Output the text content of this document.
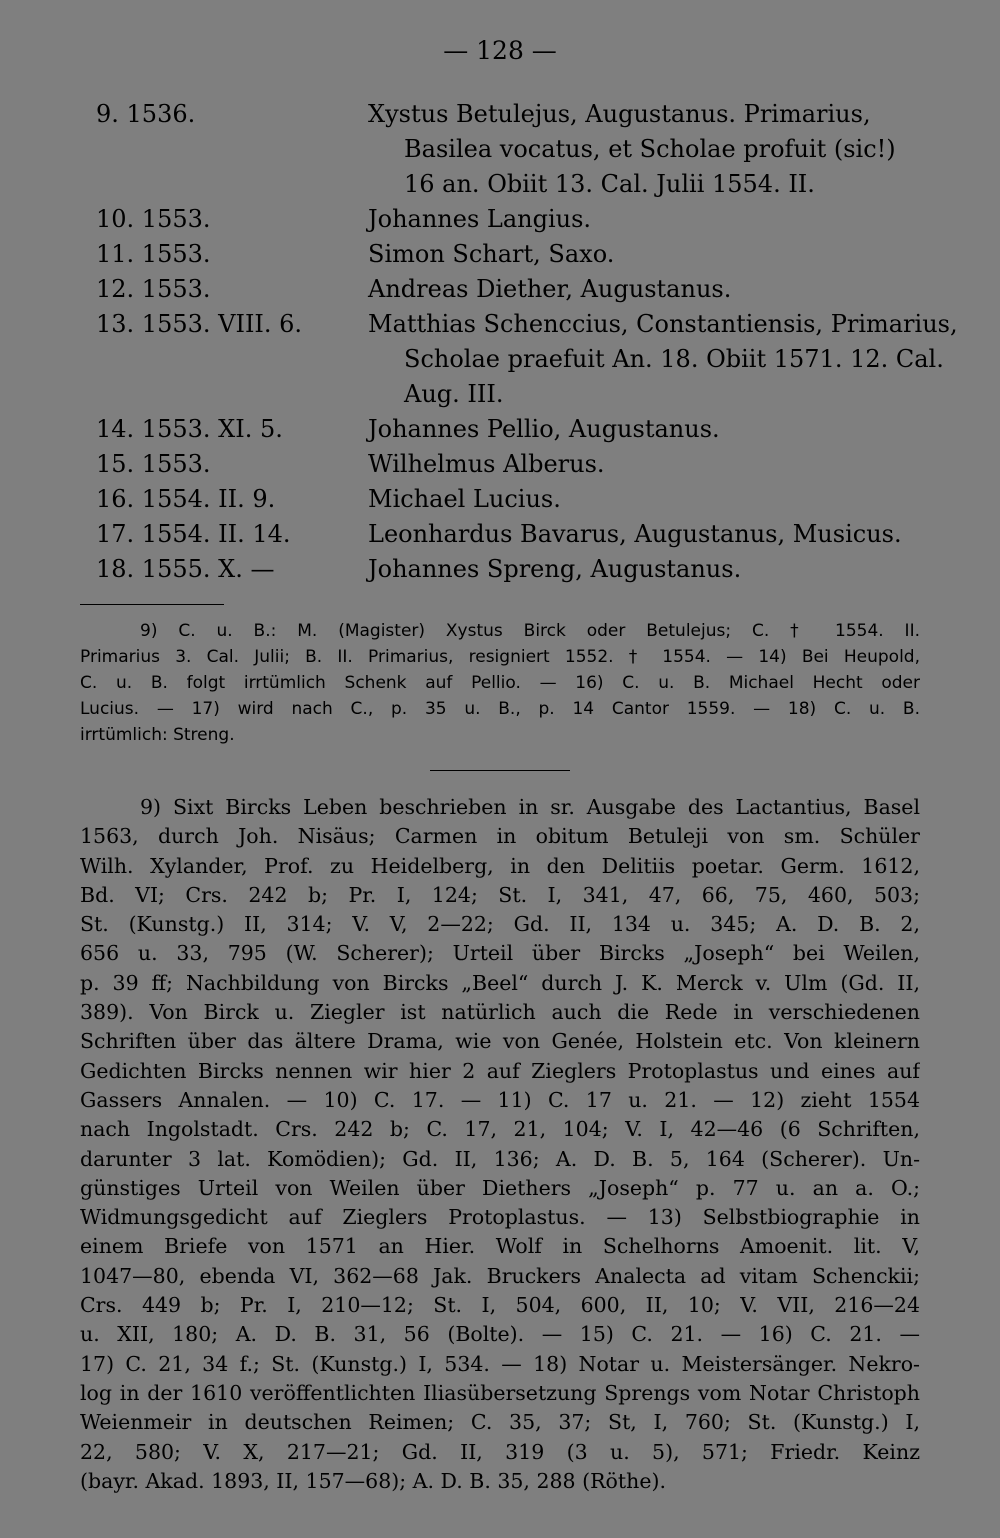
— 128 —
9. 1536.	Xystus Betulejus, Augustanus. Primarius,
Basilea vocatus, et Scholae profuit (sic!)
16 an. Obiit 13. Cal. Julii 1554. II.
10. 1553.	Johannes Langius.
11. 1553.	Simon Schart, Saxo.
12. 1553.	Andreas Diether, Augustanus.
13. 1553. VIII. 6.	Matthias Schenccius, Constantiensis, Primarius,
Scholae praefuit An. 18. Obiit 1571. 12. Cal.
Aug. III.
14. 1553. XI. 5.	Johannes Pellio, Augustanus.
15. 1553.	Wilhelmus Alberus.
16. 1554. II. 9.	Michael Lucius.
17. 1554. II. 14.	Leonhardus Bavarus, Augustanus, Musicus.
18. 1555. X. —	Johannes Spreng, Augustanus.
9) C. u. B.: M. (Magister) Xystus Birck oder Betulejus; C. † 1554. II.
Primarius 3. Cal. Julii; B. II. Primarius, resigniert 1552. † 1554. — 14) Bei Heupold,
C. u. B. folgt irrtümlich Schenk auf Pellio. — 16) C. u. B. Michael Hecht oder
Lucius. — 17) wird nach C., p. 35 u. B., p. 14 Cantor 1559. — 18) C. u. B.
irrtümlich: Streng.
9) Sixt Bircks Leben beschrieben in sr. Ausgabe des Lactantius, Basel
1563, durch Joh. Nisäus; Carmen in obitum Betuleji von sm. Schüler
Wilh. Xylander, Prof. zu Heidelberg, in den Delitiis poetar. Germ. 1612,
Bd. VI; Crs. 242 b; Pr. I, 124; St. I, 341, 47, 66, 75, 460, 503;
St. (Kunstg.) II, 314; V. V, 2—22; Gd. II, 134 u. 345; A. D. B. 2,
656 u. 33, 795 (W. Scherer); Urteil über Bircks „Joseph“ bei Weilen,
p. 39 ff; Nachbildung von Bircks „Beel“ durch J. K. Merck v. Ulm (Gd. II,
389). Von Birck u. Ziegler ist natürlich auch die Rede in verschiedenen
Schriften über das ältere Drama, wie von Genée, Holstein etc. Von kleinern
Gedichten Bircks nennen wir hier 2 auf Zieglers Protoplastus und eines auf
Gassers Annalen. — 10) C. 17. — 11) C. 17 u. 21. — 12) zieht 1554
nach Ingolstadt. Crs. 242 b; C. 17, 21, 104; V. I, 42—46 (6 Schriften,
darunter 3 lat. Komödien); Gd. II, 136; A. D. B. 5, 164 (Scherer). Un-
günstiges Urteil von Weilen über Diethers „Joseph“ p. 77 u. an a. O.;
Widmungsgedicht auf Zieglers Protoplastus. — 13) Selbstbiographie in
einem Briefe von 1571 an Hier. Wolf in Schelhorns Amoenit. lit. V,
1047—80, ebenda VI, 362—68 Jak. Bruckers Analecta ad vitam Schenckii;
Crs. 449 b; Pr. I, 210—12; St. I, 504, 600, II, 10; V. VII, 216—24
u. XII, 180; A. D. B. 31, 56 (Bolte). — 15) C. 21. — 16) C. 21. —
17) C. 21, 34 f.; St. (Kunstg.) I, 534. — 18) Notar u. Meistersänger. Nekro-
log in der 1610 veröffentlichten Iliasübersetzung Sprengs vom Notar Christoph
Weienmeir in deutschen Reimen; C. 35, 37; St, I, 760; St. (Kunstg.) I,
22, 580; V. X, 217—21; Gd. II, 319 (3 u. 5), 571; Friedr. Keinz
(bayr. Akad. 1893, II, 157—68); A. D. B. 35, 288 (Röthe).
